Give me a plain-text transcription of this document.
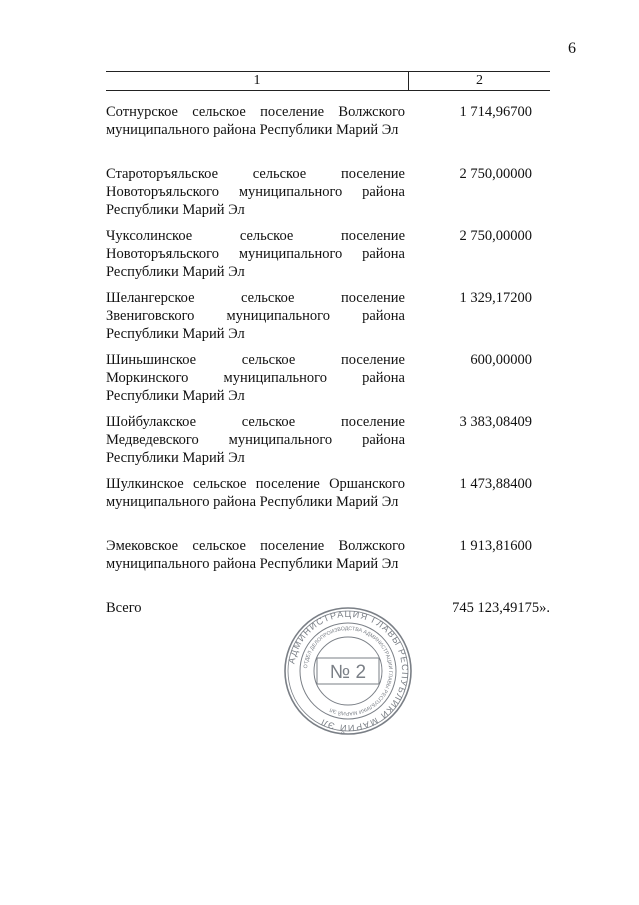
6
1	2
Сотнурское сельское поселение Волжского муниципального района Республики Марий Эл
1 714,96700
Староторъяльское сельское поселение Новоторъяльского муниципального района Республики Марий Эл
2 750,00000
Чуксолинское сельское поселение Новоторъяльского муниципального района Республики Марий Эл
2 750,00000
Шелангерское сельское поселение Звениговского муниципального района Республики Марий Эл
1 329,17200
Шиньшинское сельское поселение Моркинского муниципального района Республики Марий Эл
600,00000
Шойбулакское сельское поселение Медведевского муниципального района Республики Марий Эл
3 383,08409
Шулкинское сельское поселение Оршанского муниципального района Республики Марий Эл
1 473,88400
Эмековское сельское поселение Волжского муниципального района Республики Марий Эл
1 913,81600
Всего	745 123,49175».
АДМИНИСТРАЦИЯ ГЛАВЫ РЕСПУБЛИКИ МАРИЙ ЭЛ
ОТДЕЛ ДЕЛОПРОИЗВОДСТВА АДМИНИСТРАЦИИ ГЛАВЫ РЕСПУБЛИКИ МАРИЙ ЭЛ
№ 2
